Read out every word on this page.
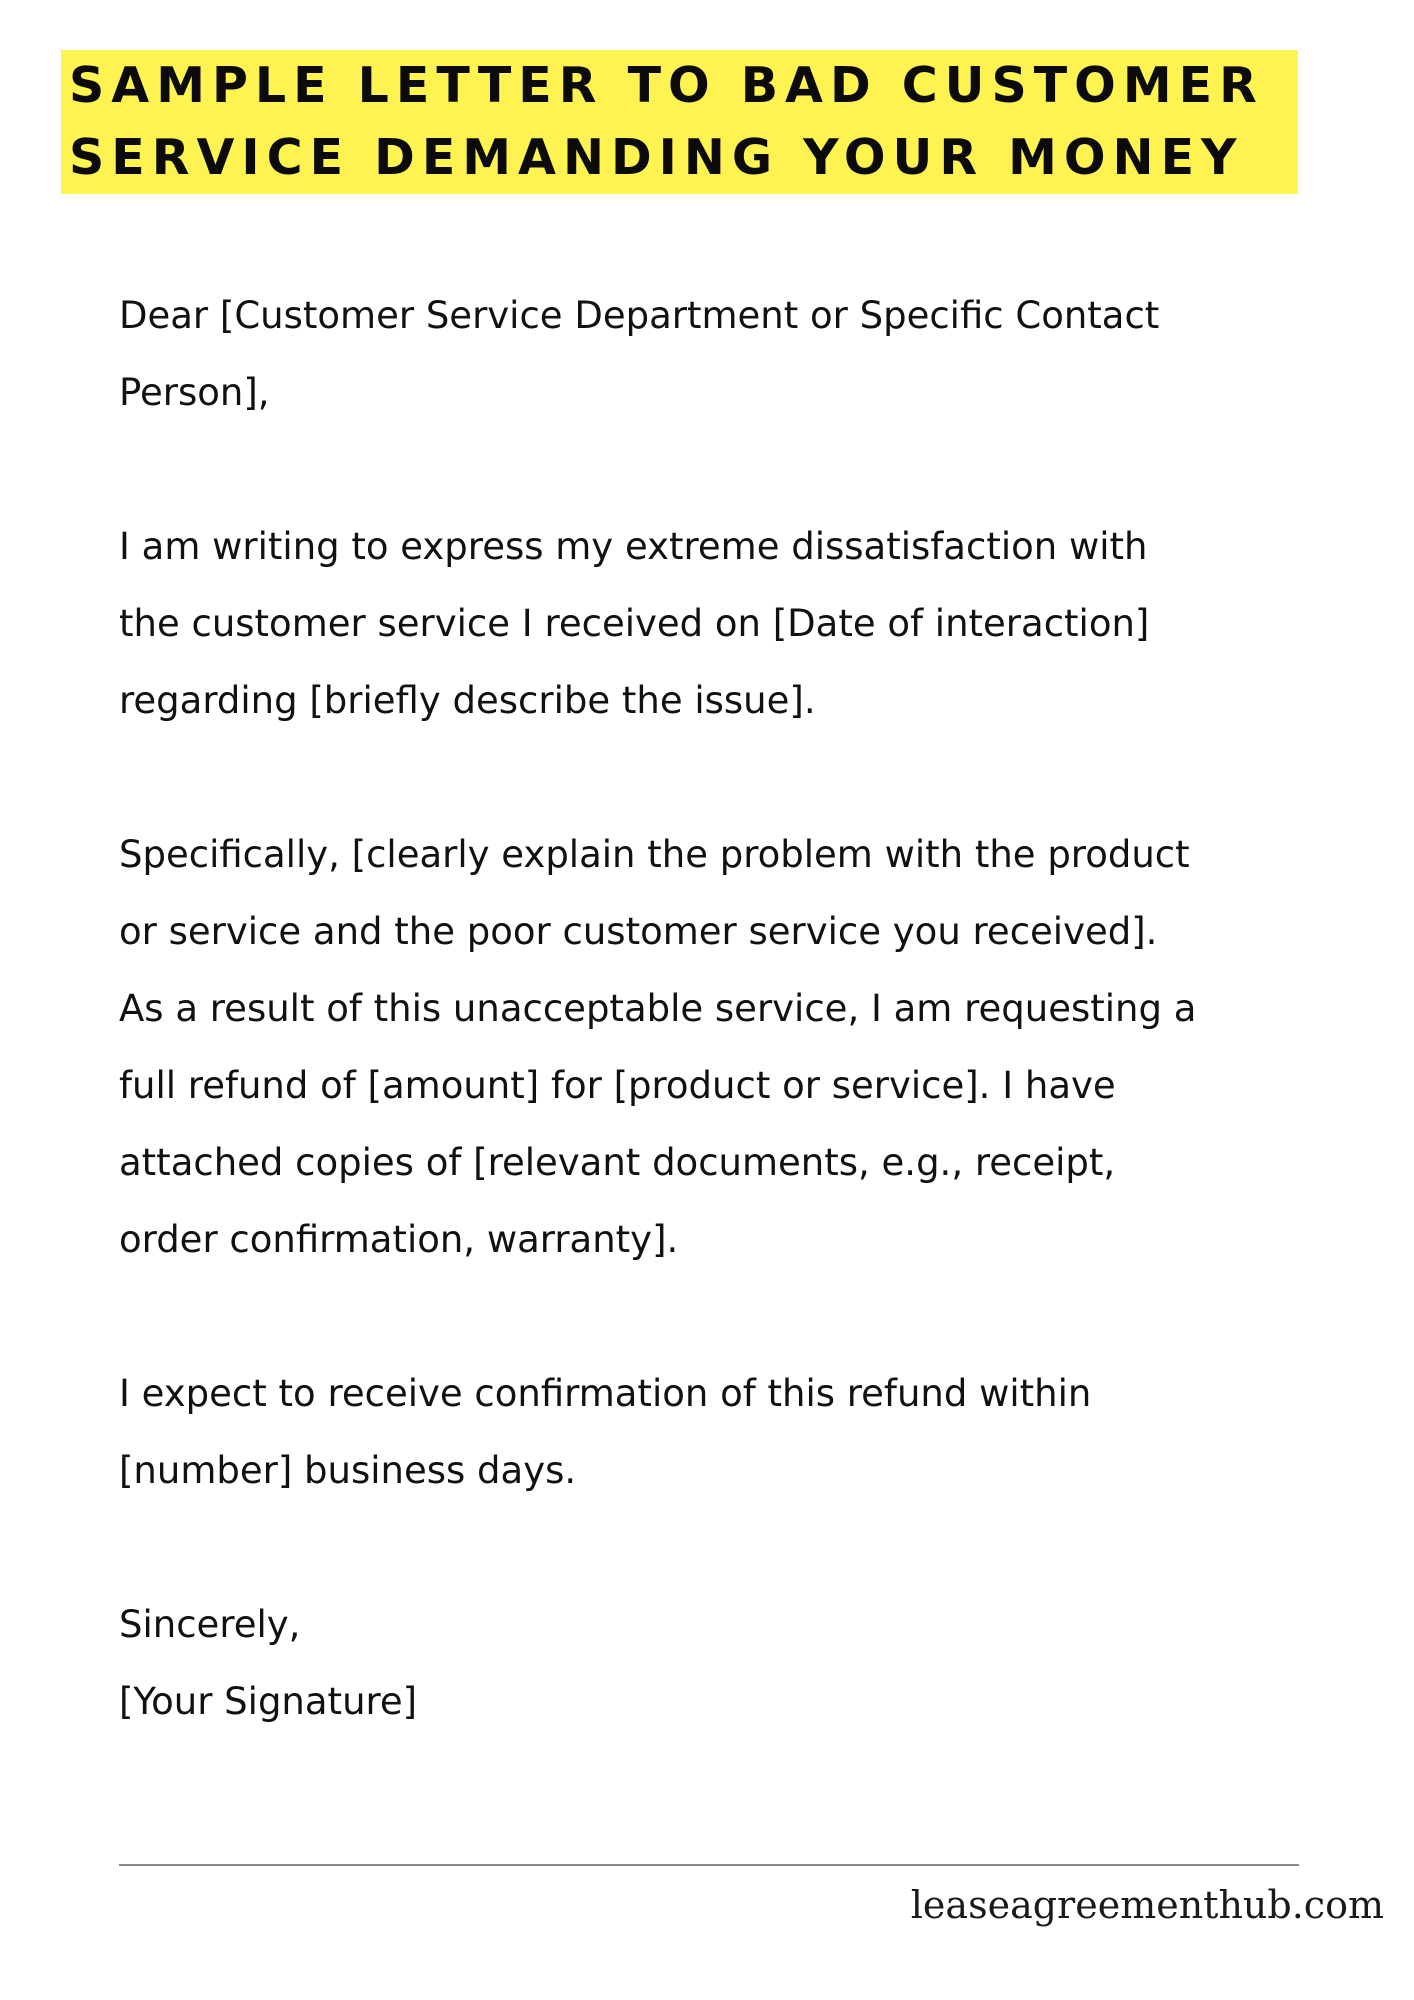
SAMPLE LETTER TO BAD CUSTOMER
SERVICE DEMANDING YOUR MONEY
Dear [Customer Service Department or Specific Contact
Person],
I am writing to express my extreme dissatisfaction with
the customer service I received on [Date of interaction]
regarding [briefly describe the issue].
Specifically, [clearly explain the problem with the product
or service and the poor customer service you received].
As a result of this unacceptable service, I am requesting a
full refund of [amount] for [product or service]. I have
attached copies of [relevant documents, e.g., receipt,
order confirmation, warranty].
I expect to receive confirmation of this refund within
[number] business days.
Sincerely,
[Your Signature]
leaseagreementhub.com
